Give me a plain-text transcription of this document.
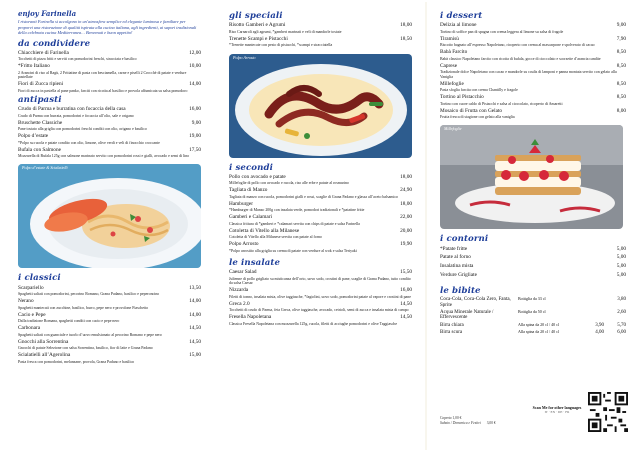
enjoy Farinella
I ristoranti Farinella si accolgono in un’atmosfera semplice ed elegante luminosa e familiare per proporvi una ristorazione di qualità ispirata alla cucina italiana, agli ingredienti, ai sapori tradizionali della celebrata cucina Mediterranea… Benvenuti e buon appetito!
da condividere
Chiacchiere di Farinella	12,00
Tocchetti di pizza fritti e serviti con pomodorini freschi, stracciata e basilico
*Fritto Italiano	10,00
2 Arancini di riso al Ragù, 2 Frittatine di pasta con besciamella, carne e piselli 2 Crocchè di patate e verdure pastellate
Fiori di Zucca ripieni	14,00
Fiori di zucca in pastella al pane panko, farciti con ricotta al basilico e provola affumicata su salsa pomodoro
antipasti
Crudo di Parma e burratina con focaccia della casa	16,00
Crudo di Parma con burrata, pomodorini e focaccia all’olio, sale e origano
Bruschette Classiche	9,00
Pane tostato alla griglia con pomodorini freschi conditi con olio, origano e basilico
Polpo d’estate	19,00
*Polpo su rucola e patate condito con olio, limone, olive verdi e veli di finocchio croccante
Bufala con Salmone	17,50
Mozzarella di Bufala 125g con salmone marinato servito con pomodorini rossi e gialli, avocado e semi di lino
Polpo d’estate & Scialatielli
i classici
Scarpariello	13,50
Spaghetti saltati con pomodorini, pecorino Romano, Grana Padano, basilico e peperoncino
Nerano	14,00
Spaghetti mantecati con zucchine, basilico, burro, pepe nero e provolone Fiaschetto
Cacio e Pepe	14,00
Dalla tradizione Romana, spaghetti conditi con cacio e pepe nero
Carbonara	14,50
Spaghetti saltati con guanciale e tuorlo d’uovo emulsionato al pecorino Romano e pepe nero
Gnocchi alla Sorrentina	14,50
Gnocchi di patate Selezione con salsa Sorrentina, basilico, fior di latte e Grana Padano
Scialatielli all’Agerolina	15,00
Pasta fresca con pomodorini, melanzane, provola, Grana Padano e basilico
gli speciali
Risotto Gamberi e Agrumi	18,00
Riso Carnaroli agli agrumi, *gamberi marinati e veli di mandorle tostate
Trenette Scampi e Pistacchi	18,50
*Trenette mantecate con pesto di pistacchi, *scampi e stracciatella
Polpo Arrosto
i secondi
Pollo con avocado e patate	18,00
Millefoglie di pollo con avocado e rucola, riso alle erbe e patate al rosmarino
Tagliata di Manzo	24,90
Tagliata di manzo con rucola, pomodorini gialli e rossi, scaglie di Grana Padano e glassa all’aceto balsamico
Hamburger	18,00
*Hamburger di Manzo 200g con insalata verde, pomodori tradizionali e *patatine fritte
Gamberi e Calamari	22,00
Classica frittura di *gamberi e *calamari servita con chips di patate e salsa Farinella
Cotoletta di Vitello alla Milanese	20,00
Cotoletta di Vitello alla Milanese servita con patate al forno
Polpo Arrosto	19,90
*Polpo arrostito alla griglia su crema di patate con verdure al wok e salsa Teriyaki
le insalate
Caesar Salad	15,50
Julienne di pollo grigliato su misticanza dell’orto, uovo sodo, crostini di pane, scaglie di Grana Padano, tutto condito da salsa Caesar
Nizzarda	16,00
Filetti di tonno, insalata mista, olive taggiasche, *fagiolini, uovo sodo, pomodorini patate al vapore e crostini di pane
Greca 2.0	14,50
Tocchetti di crudo di Parma, feta Greca, olive taggiasche, avocado, cetrioli, semi di zucca e insalata mista di campo
Fresella Napoletana	14,50
Classica Fresella Napoletana con mozzarella 125g, rucola, filetti di acciughe pomodorini e olive Taggiasche
i dessert
Delizia al limone	9,00
Tortino di soffice pan di spagna con crema leggera al limone su salsa di fragole
Tiramisù	7,90
Biscotto bagnato all’espresso Napoletano, ricoperto con crema al mascarpone e spolverato di cacao
Babà Farcito	8,50
Babà classico Napoletano farcito con ricotta di bufala, gocce di cioccolato e scorzette d’arancia candite
Caprese	8,50
Tradizionale dolce Napoletano con cacao e mandorle su coulis di lamponi e panna montata servito con gelato alla Vaniglia
Millefoglie	8,50
Pasta sfoglia farcita con crema Chantilly e fragole
Tortino al Pistacchio	8,50
Tortino con cuore caldo di Pistacchi e salsa al cioccolato, ricoperto di Amaretti
Mosaico di Frutta con Gelato	8,00
Frutta fresca di stagione con gelato alla vaniglia
Millefoglie
i contorni
*Patate fritte	5,00
Patate al forno	5,00
Insalatina mista	5,00
Verdure Grigliate	5,00
le bibite
Coca-Cola, Coca-Cola Zero, Fanta, Sprite
Bottiglia da 33 cl	3,80
Acqua Minerale Naturale / Effervescente
Bottiglia da 50 cl	2,60
Birra chiara	Alla spina da 20 cl / 40 cl	3,90	5,70
Birra scura	Alla spina da 20 cl / 40 cl	4,00	6,00
Coperto 1,00 €
Sabato / Domenica e Festivi 3,00 €
Scan Me for other languages
IT · EN · DE · FR
